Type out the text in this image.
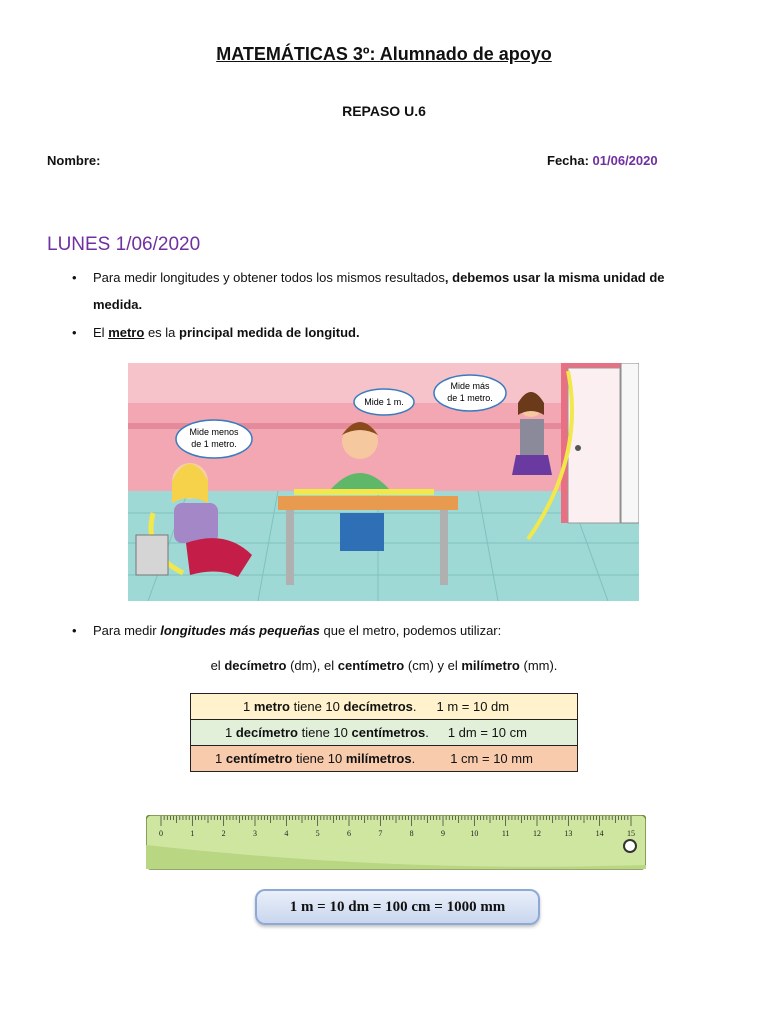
MATEMÁTICAS 3º: Alumnado de apoyo
REPASO U.6
Nombre:	Fecha: 01/06/2020
LUNES 1/06/2020
• Para medir longitudes y obtener todos los mismos resultados, debemos usar la misma unidad de
medida.
• El metro es la principal medida de longitud.
Mide menos
de 1 metro.
Mide 1 m.
Mide más
de 1 metro.
• Para medir longitudes más pequeñas que el metro, podemos utilizar:
el decímetro (dm), el centímetro (cm) y el milímetro (mm).
1 metro tiene 10 decímetros. 1 m = 10 dm

1 decímetro tiene 10 centímetros. 1 dm = 10 cm

1 centímetro tiene 10 milímetros.	1 cm = 10 mm
0	1	2	3	4	5	6	7	8	9	10	11	12	13	14	15
1 m = 10 dm = 100 cm = 1000 mm
